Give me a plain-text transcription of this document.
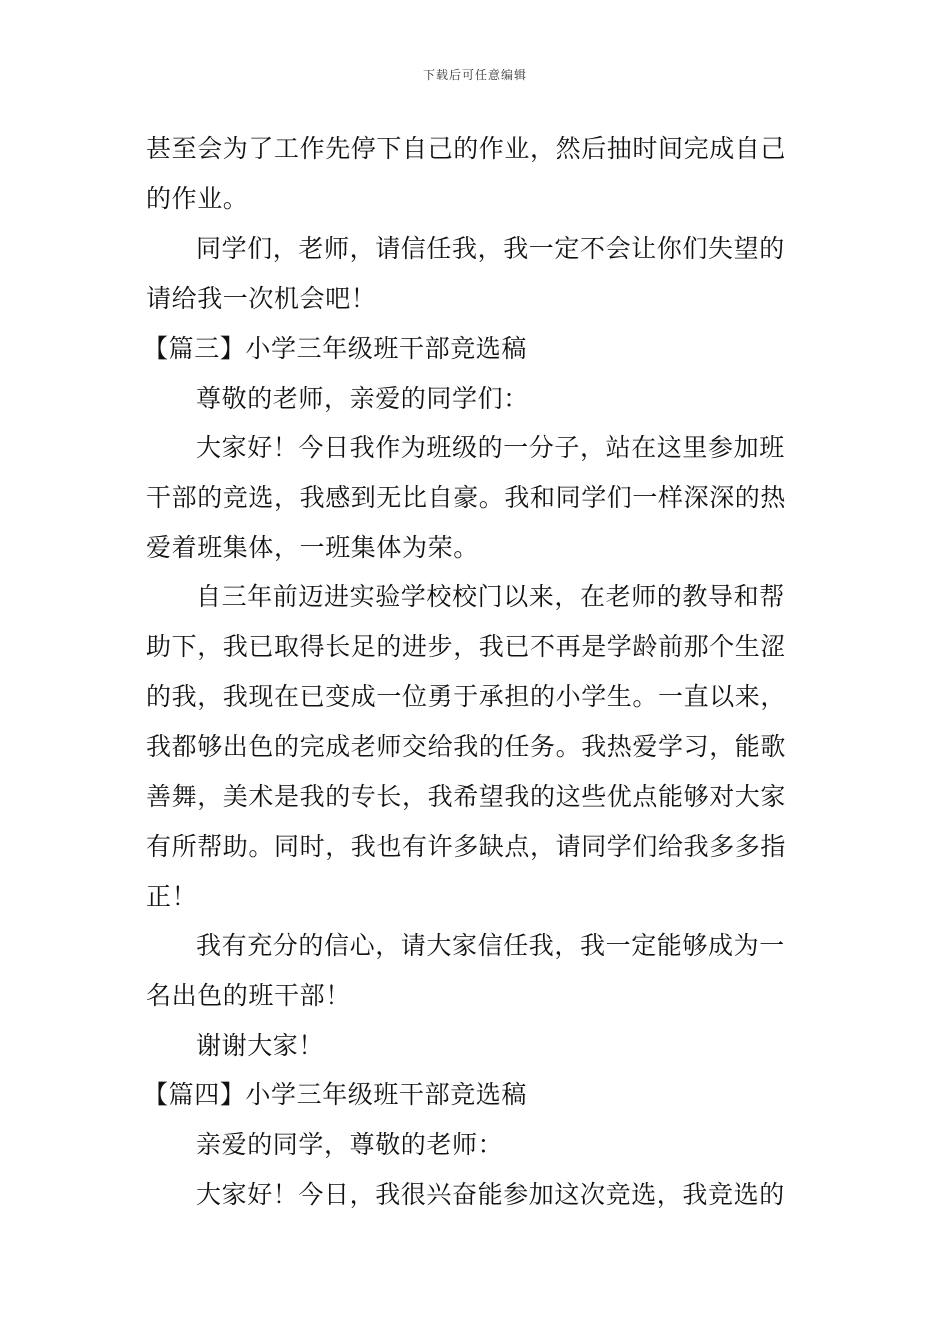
下载后可任意编辑
甚至会为了工作先停下自己的作业，然后抽时间完成自己
的作业。
同学们，老师，请信任我，我一定不会让你们失望的
请给我一次机会吧！
【篇三】小学三年级班干部竞选稿
尊敬的老师，亲爱的同学们：
大家好！今日我作为班级的一分子，站在这里参加班
干部的竞选，我感到无比自豪。我和同学们一样深深的热
爱着班集体，一班集体为荣。
自三年前迈进实验学校校门以来，在老师的教导和帮
助下，我已取得长足的进步，我已不再是学龄前那个生涩
的我，我现在已变成一位勇于承担的小学生。一直以来，
我都够出色的完成老师交给我的任务。我热爱学习，能歌
善舞，美术是我的专长，我希望我的这些优点能够对大家
有所帮助。同时，我也有许多缺点，请同学们给我多多指
正！
我有充分的信心，请大家信任我，我一定能够成为一
名出色的班干部！
谢谢大家！
【篇四】小学三年级班干部竞选稿
亲爱的同学，尊敬的老师：
大家好！今日，我很兴奋能参加这次竞选，我竞选的
